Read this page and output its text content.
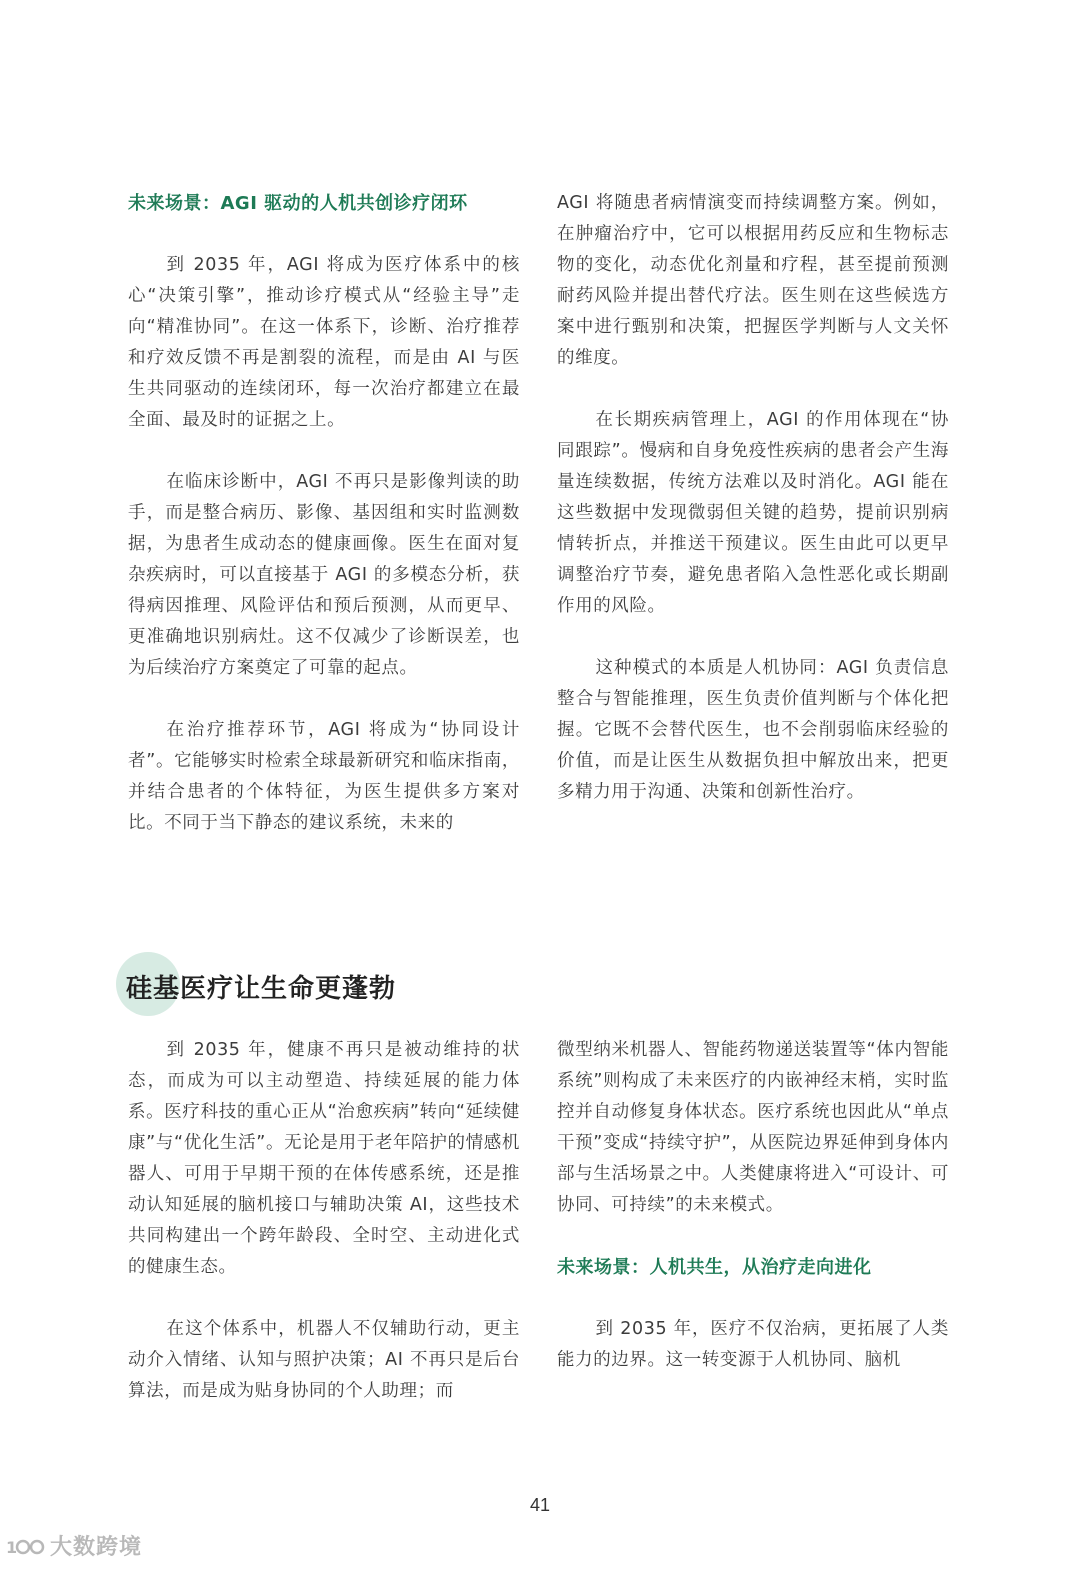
未来场景：AGI 驱动的人机共创诊疗闭环

到 2035 年，AGI 将成为医疗体系中的核心“决策引擎”，推动诊疗模式从“经验主导”走向“精准协同”。在这一体系下，诊断、治疗推荐和疗效反馈不再是割裂的流程，而是由 AI 与医生共同驱动的连续闭环，每一次治疗都建立在最全面、最及时的证据之上。

在临床诊断中，AGI 不再只是影像判读的助手，而是整合病历、影像、基因组和实时监测数据，为患者生成动态的健康画像。医生在面对复杂疾病时，可以直接基于 AGI 的多模态分析，获得病因推理、风险评估和预后预测，从而更早、更准确地识别病灶。这不仅减少了诊断误差，也为后续治疗方案奠定了可靠的起点。

在治疗推荐环节，AGI 将成为“协同设计者”。它能够实时检索全球最新研究和临床指南，并结合患者的个体特征，为医生提供多方案对比。不同于当下静态的建议系统，未来的

AGI 将随患者病情演变而持续调整方案。例如，在肿瘤治疗中，它可以根据用药反应和生物标志物的变化，动态优化剂量和疗程，甚至提前预测耐药风险并提出替代疗法。医生则在这些候选方案中进行甄别和决策，把握医学判断与人文关怀的维度。

在长期疾病管理上，AGI 的作用体现在“协同跟踪”。慢病和自身免疫性疾病的患者会产生海量连续数据，传统方法难以及时消化。AGI 能在这些数据中发现微弱但关键的趋势，提前识别病情转折点，并推送干预建议。医生由此可以更早调整治疗节奏，避免患者陷入急性恶化或长期副作用的风险。

这种模式的本质是人机协同：AGI 负责信息整合与智能推理，医生负责价值判断与个体化把握。它既不会替代医生，也不会削弱临床经验的价值，而是让医生从数据负担中解放出来，把更多精力用于沟通、决策和创新性治疗。

硅基医疗让生命更蓬勃

到 2035 年，健康不再只是被动维持的状态，而成为可以主动塑造、持续延展的能力体系。医疗科技的重心正从“治愈疾病”转向“延续健康”与“优化生活”。无论是用于老年陪护的情感机器人、可用于早期干预的在体传感系统，还是推动认知延展的脑机接口与辅助决策 AI，这些技术共同构建出一个跨年龄段、全时空、主动进化式的健康生态。

在这个体系中，机器人不仅辅助行动，更主动介入情绪、认知与照护决策；AI 不再只是后台算法，而是成为贴身协同的个人助理；而

微型纳米机器人、智能药物递送装置等“体内智能系统”则构成了未来医疗的内嵌神经末梢，实时监控并自动修复身体状态。医疗系统也因此从“单点干预”变成“持续守护”，从医院边界延伸到身体内部与生活场景之中。人类健康将进入“可设计、可协同、可持续”的未来模式。

未来场景：人机共生，从治疗走向进化

到 2035 年，医疗不仅治病，更拓展了人类能力的边界。这一转变源于人机协同、脑机

41
1 大数跨境
